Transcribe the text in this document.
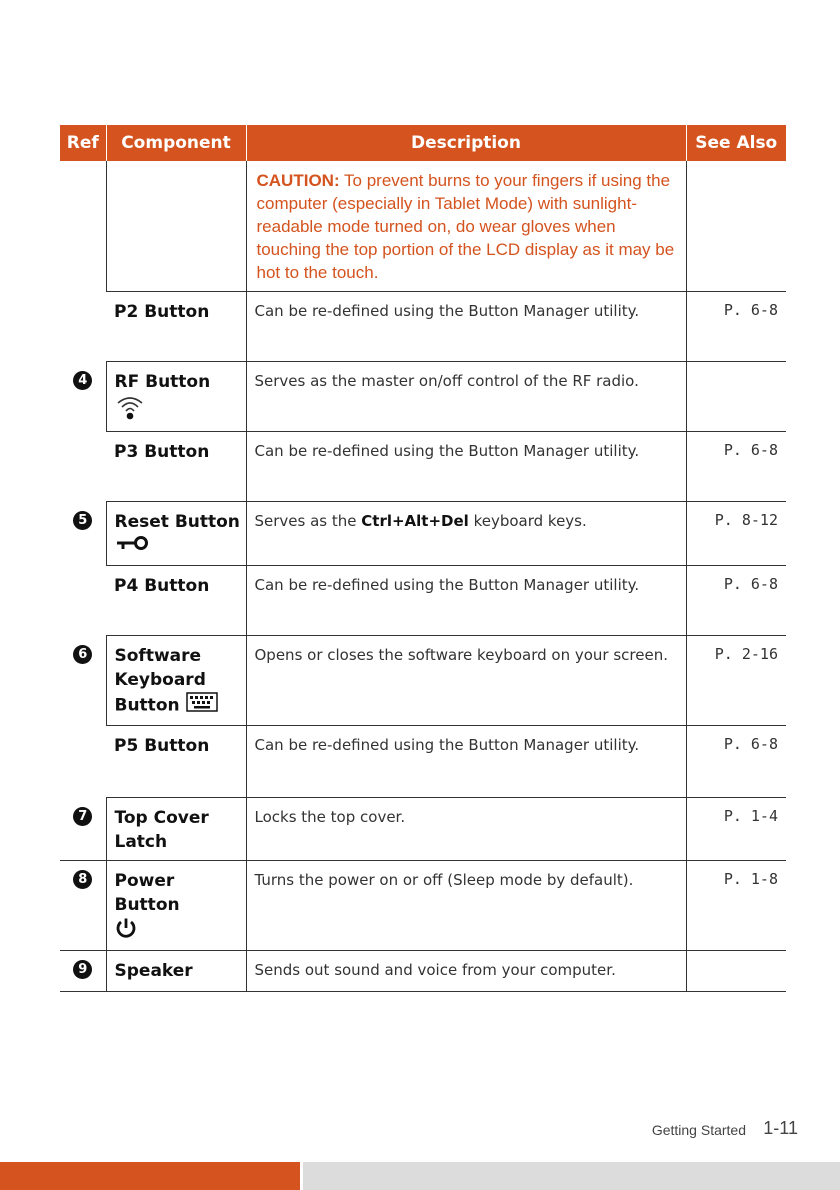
Ref	Component	Description	See Also

		CAUTION: To prevent burns to your fingers if using the computer (especially in Tablet Mode) with sunlight-readable mode turned on, do wear gloves when touching the top portion of the LCD display as it may be hot to the touch.	

	P2 Button	Can be re-defined using the Button Manager utility.	P. 6-8

4	RF Button	Serves as the master on/off control of the RF radio.	

	P3 Button	Can be re-defined using the Button Manager utility.	P. 6-8

5	Reset Button	Serves as the Ctrl+Alt+Del keyboard keys.	P. 8-12

	P4 Button	Can be re-defined using the Button Manager utility.	P. 6-8

6	Software
Keyboard
Button	Opens or closes the software keyboard on your screen.	P. 2-16

	P5 Button	Can be re-defined using the Button Manager utility.	P. 6-8

7	Top Cover
Latch	Locks the top cover.	P. 1-4

8	Power Button	Turns the power on or off (Sleep mode by default).	P. 1-8

9	Speaker	Sends out sound and voice from your computer.	

Getting Started 1-11
